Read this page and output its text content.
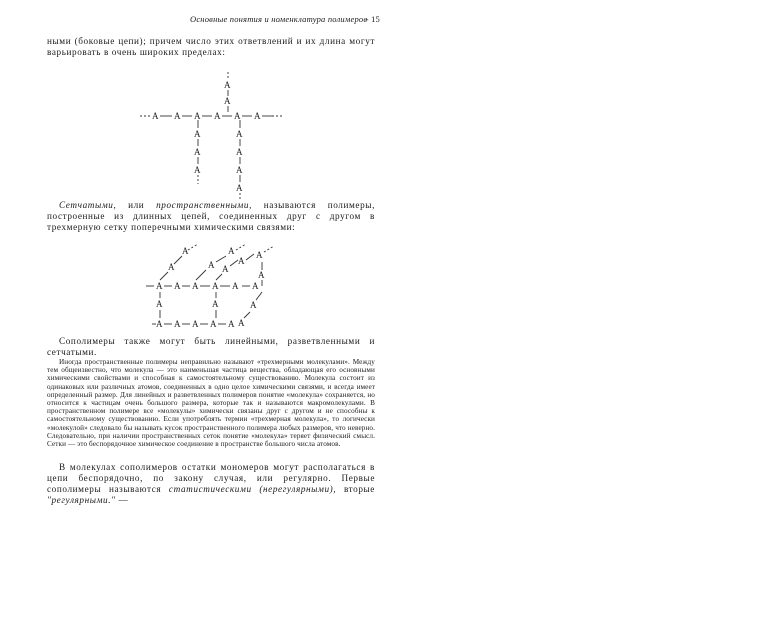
Основные понятия и номенклатура полимеров
- 15
ными (боковые цепи); причем число этих ответвлений и их длина могут варьировать в очень широких пределах:
A A A A A A
A
A
A
A
A
A
A
A
A
Сетчатыми, или пространственными, называются полимеры, построенные из длинных цепей, соединенных друг с другом в трехмерную сетку поперечными химическими связями:
A A A A A A
A
A
A
A
A
A
A
A
A
A
A	A
A A A A A
Сополимеры также могут быть линейными, разветвленными и сетчатыми.
Иногда пространственные полимеры неправильно называют «трехмерными молекулами». Между тем общеизвестно, что молекула — это наименьшая частица вещества, обладающая его основными химическими свойствами и способная к самостоятельному существованию. Молекула состоит из одинаковых или различных атомов, соединенных в одно целое химическими связями, и всегда имеет определенный размер. Для линейных и разветвленных полимеров понятие «молекула» сохраняется, но относится к частицам очень большого размера, которые так и называются макромолекулами. В пространственном полимере все «молекулы» химически связаны друг с другом и не способны к самостоятельному существованию. Если употреблять термин «трехмерная молекула», то логически «молекулой» следовало бы называть кусок пространственного полимера любых размеров, что неверно. Следовательно, при наличии пространственных сеток понятие «молекула» теряет физический смысл. Сетки — это беспорядочное химическое соединение в пространстве большого числа атомов.
В молекулах сополимеров остатки мономеров могут располагаться в цепи беспорядочно, по закону случая, или регулярно. Первые сополимеры называются статистическими (нерегулярными), вторые "регулярными." —
